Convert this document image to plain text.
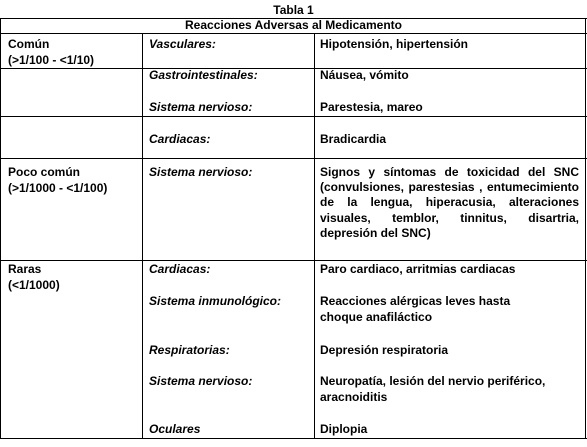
Tabla 1
Reacciones Adversas al Medicamento
Común
(>1/100 - <1/10)
Vasculares:	Hipotensión, hipertensión
Gastrointestinales:	Náusea, vómito
Sistema nervioso:	Parestesia, mareo
Cardiacas:	Bradicardia
Poco común
(>1/1000 - <1/100)
Sistema nervioso:	Signos y síntomas de toxicidad del SNC (convulsiones, parestesias , entumecimiento de la lengua, hiperacusia, alteraciones visuales, temblor, tinnitus, disartria, depresión del SNC)
Raras
(<1/1000)
Cardiacas:	Paro cardiaco, arritmias cardiacas
Sistema inmunológico:	Reacciones alérgicas leves hasta
choque anafiláctico
Respiratorias:	Depresión respiratoria
Sistema nervioso:	Neuropatía, lesión del nervio periférico,
aracnoiditis
Oculares	Diplopia
